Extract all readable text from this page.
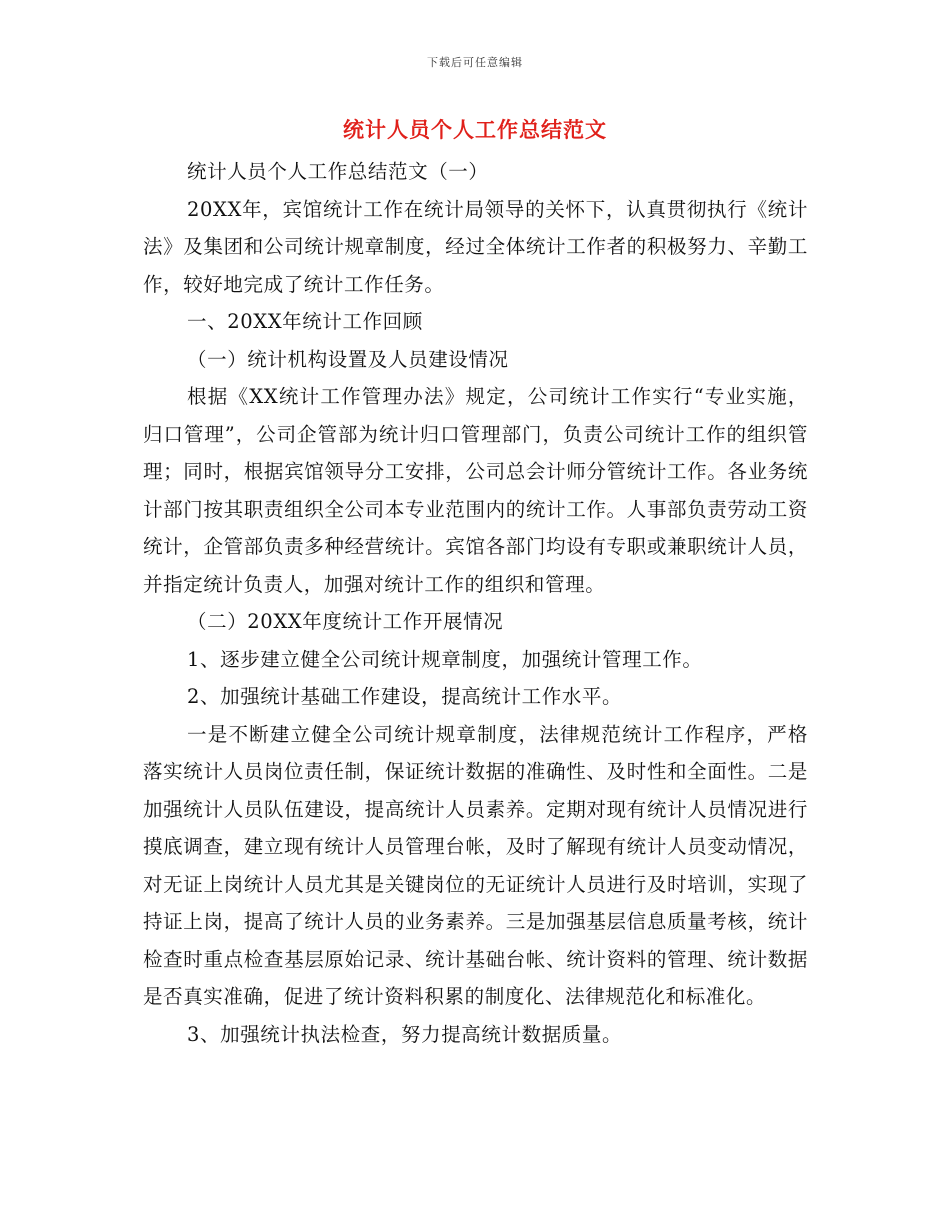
下载后可任意编辑
统计人员个人工作总结范文

统计人员个人工作总结范文（一）

20XX年，宾馆统计工作在统计局领导的关怀下，认真贯彻执行《统计法》及集团和公司统计规章制度，经过全体统计工作者的积极努力、辛勤工作，较好地完成了统计工作任务。

一、20XX年统计工作回顾

（一）统计机构设置及人员建设情况

根据《XX统计工作管理办法》规定，公司统计工作实行“专业实施，归口管理”，公司企管部为统计归口管理部门，负责公司统计工作的组织管理；同时，根据宾馆领导分工安排，公司总会计师分管统计工作。各业务统计部门按其职责组织全公司本专业范围内的统计工作。人事部负责劳动工资统计，企管部负责多种经营统计。宾馆各部门均设有专职或兼职统计人员，并指定统计负责人，加强对统计工作的组织和管理。

（二）20XX年度统计工作开展情况

1、逐步建立健全公司统计规章制度，加强统计管理工作。

2、加强统计基础工作建设，提高统计工作水平。

一是不断建立健全公司统计规章制度，法律规范统计工作程序，严格落实统计人员岗位责任制，保证统计数据的准确性、及时性和全面性。二是加强统计人员队伍建设，提高统计人员素养。定期对现有统计人员情况进行摸底调查，建立现有统计人员管理台帐，及时了解现有统计人员变动情况，对无证上岗统计人员尤其是关键岗位的无证统计人员进行及时培训，实现了持证上岗，提高了统计人员的业务素养。三是加强基层信息质量考核，统计检查时重点检查基层原始记录、统计基础台帐、统计资料的管理、统计数据是否真实准确，促进了统计资料积累的制度化、法律规范化和标准化。

3、加强统计执法检查，努力提高统计数据质量。
